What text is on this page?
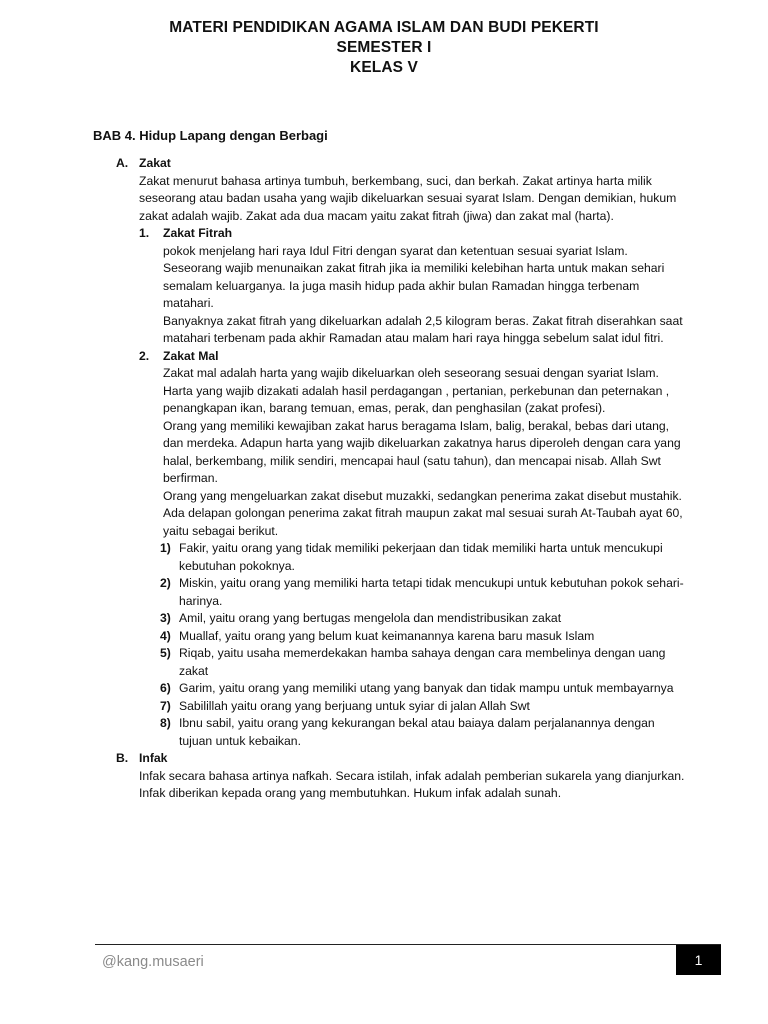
MATERI PENDIDIKAN AGAMA ISLAM DAN BUDI PEKERTI
SEMESTER I
KELAS V
BAB 4. Hidup Lapang dengan Berbagi
A. Zakat

Zakat menurut bahasa artinya tumbuh, berkembang, suci, dan berkah. Zakat artinya harta milik seseorang atau badan usaha yang wajib dikeluarkan sesuai syarat Islam. Dengan demikian, hukum zakat adalah wajib. Zakat ada dua macam yaitu zakat fitrah (jiwa) dan zakat mal (harta).

1. Zakat Fitrah

pokok menjelang hari raya Idul Fitri dengan syarat dan ketentuan sesuai syariat Islam. Seseorang wajib menunaikan zakat fitrah jika ia memiliki kelebihan harta untuk makan sehari semalam keluarganya. Ia juga masih hidup pada akhir bulan Ramadan hingga terbenam matahari.

Banyaknya zakat fitrah yang dikeluarkan adalah 2,5 kilogram beras. Zakat fitrah diserahkan saat matahari terbenam pada akhir Ramadan atau malam hari raya hingga sebelum salat idul fitri.

2. Zakat Mal

Zakat mal adalah harta yang wajib dikeluarkan oleh seseorang sesuai dengan syariat Islam. Harta yang wajib dizakati adalah hasil perdagangan , pertanian, perkebunan dan peternakan , penangkapan ikan, barang temuan, emas, perak, dan penghasilan (zakat profesi).

Orang yang memiliki kewajiban zakat harus beragama Islam, balig, berakal, bebas dari utang, dan merdeka. Adapun harta yang wajib dikeluarkan zakatnya harus diperoleh dengan cara yang halal, berkembang, milik sendiri, mencapai haul (satu tahun), dan mencapai nisab. Allah Swt berfirman.

Orang yang mengeluarkan zakat disebut muzakki, sedangkan penerima zakat disebut mustahik. Ada delapan golongan penerima zakat fitrah maupun zakat mal sesuai surah At-Taubah ayat 60, yaitu sebagai berikut.

1) Fakir, yaitu orang yang tidak memiliki pekerjaan dan tidak memiliki harta untuk mencukupi kebutuhan pokoknya.
2) Miskin, yaitu orang yang memiliki harta tetapi tidak mencukupi untuk kebutuhan pokok sehari-harinya.
3) Amil, yaitu orang yang bertugas mengelola dan mendistribusikan zakat
4) Muallaf, yaitu orang yang belum kuat keimanannya karena baru masuk Islam
5) Riqab, yaitu usaha memerdekakan hamba sahaya dengan cara membelinya dengan uang zakat
6) Garim, yaitu orang yang memiliki utang yang banyak dan tidak mampu untuk membayarnya
7) Sabilillah yaitu orang yang berjuang untuk syiar di jalan Allah Swt
8) Ibnu sabil, yaitu orang yang kekurangan bekal atau baiaya dalam perjalanannya dengan tujuan untuk kebaikan.
B. Infak

Infak secara bahasa artinya nafkah. Secara istilah, infak adalah pemberian sukarela yang dianjurkan. Infak diberikan kepada orang yang membutuhkan. Hukum infak adalah sunah.

@kang.musaeri	1
